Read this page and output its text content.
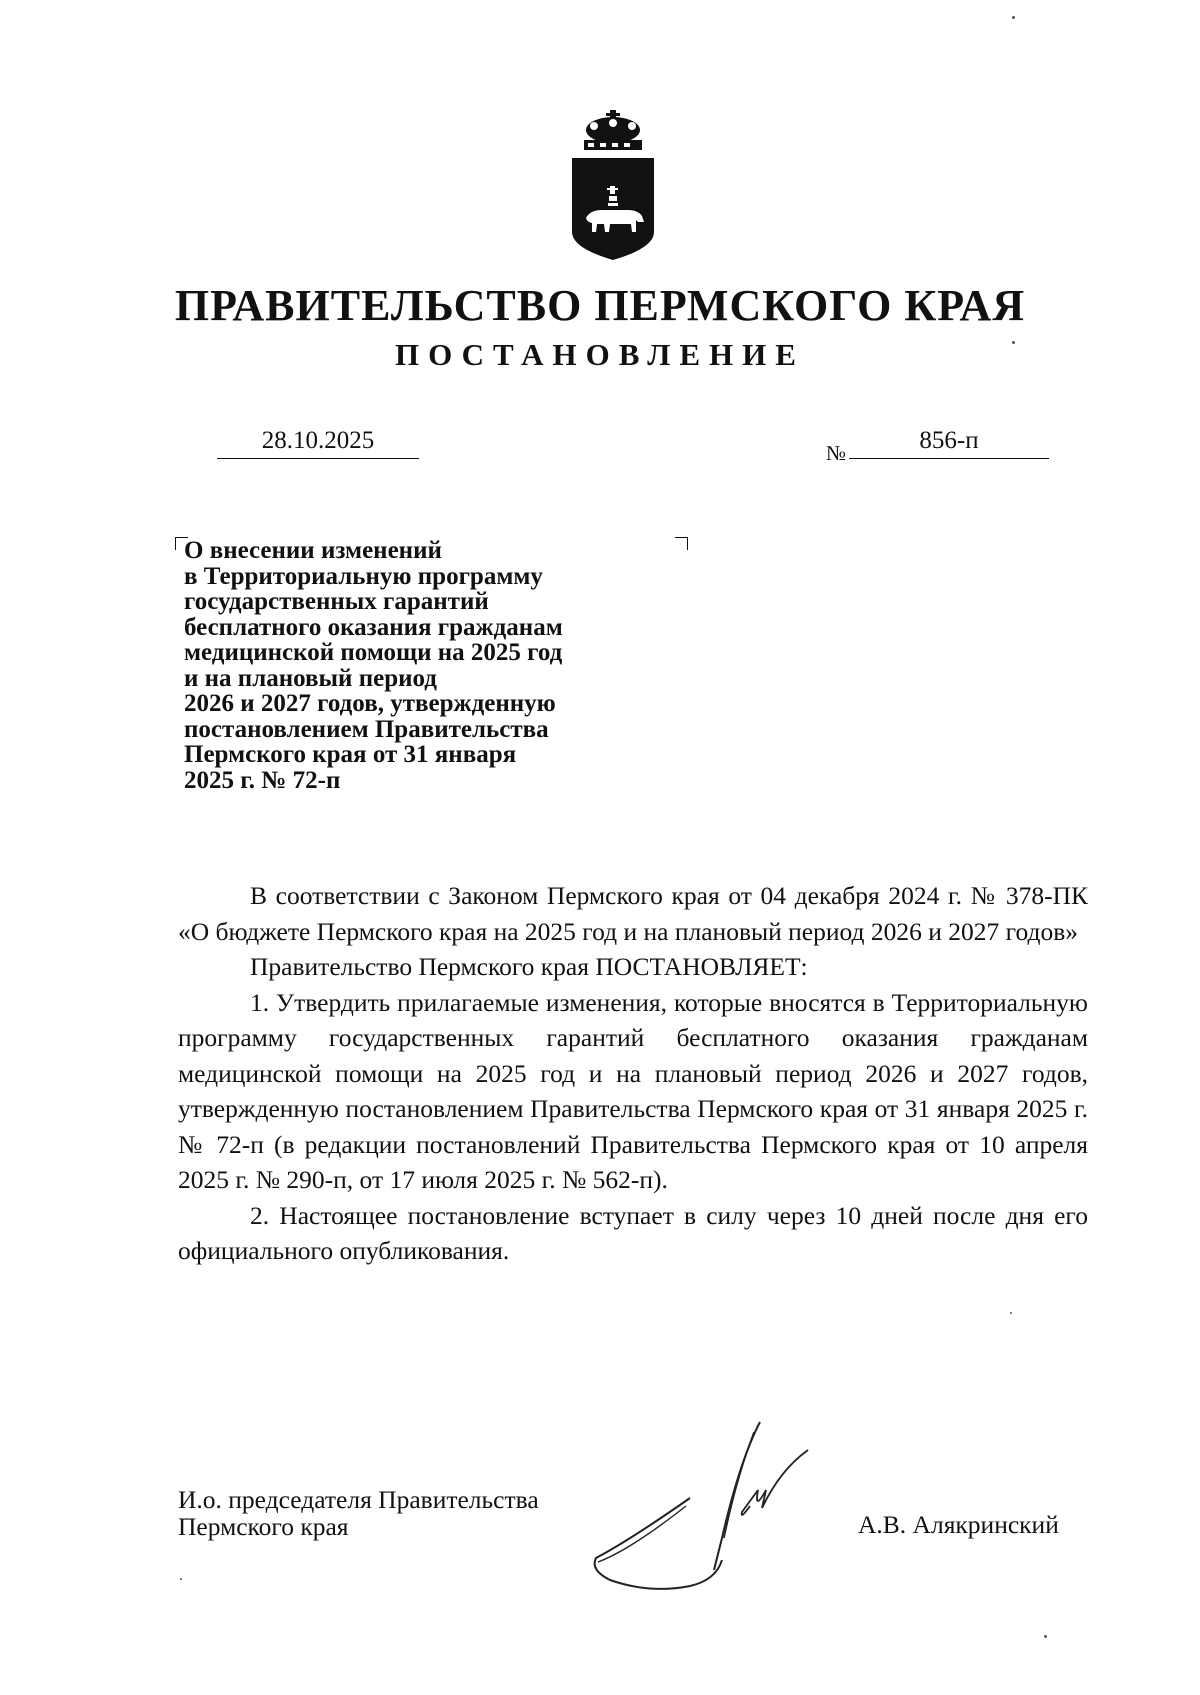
ПРАВИТЕЛЬСТВО ПЕРМСКОГО КРАЯ
ПОСТАНОВЛЕНИЕ
28.10.2025	№	856-п
О внесении изменений
в Территориальную программу
государственных гарантий
бесплатного оказания гражданам
медицинской помощи на 2025 год
и на плановый период
2026 и 2027 годов, утвержденную
постановлением Правительства
Пермского края от 31 января
2025 г. № 72-п

В соответствии с Законом Пермского края от 04 декабря 2024 г. № 378-ПК «О бюджете Пермского края на 2025 год и на плановый период 2026 и 2027 годов»

Правительство Пермского края ПОСТАНОВЛЯЕТ:

1. Утвердить прилагаемые изменения, которые вносятся в Территориальную программу государственных гарантий бесплатного оказания гражданам медицинской помощи на 2025 год и на плановый период 2026 и 2027 годов, утвержденную постановлением Правительства Пермского края от 31 января 2025 г. № 72-п (в редакции постановлений Правительства Пермского края от 10 апреля 2025 г. № 290-п, от 17 июля 2025 г. № 562-п).

2. Настоящее постановление вступает в силу через 10 дней после дня его официального опубликования.

И.о. председателя Правительства
Пермского края	А.В. Алякринский
